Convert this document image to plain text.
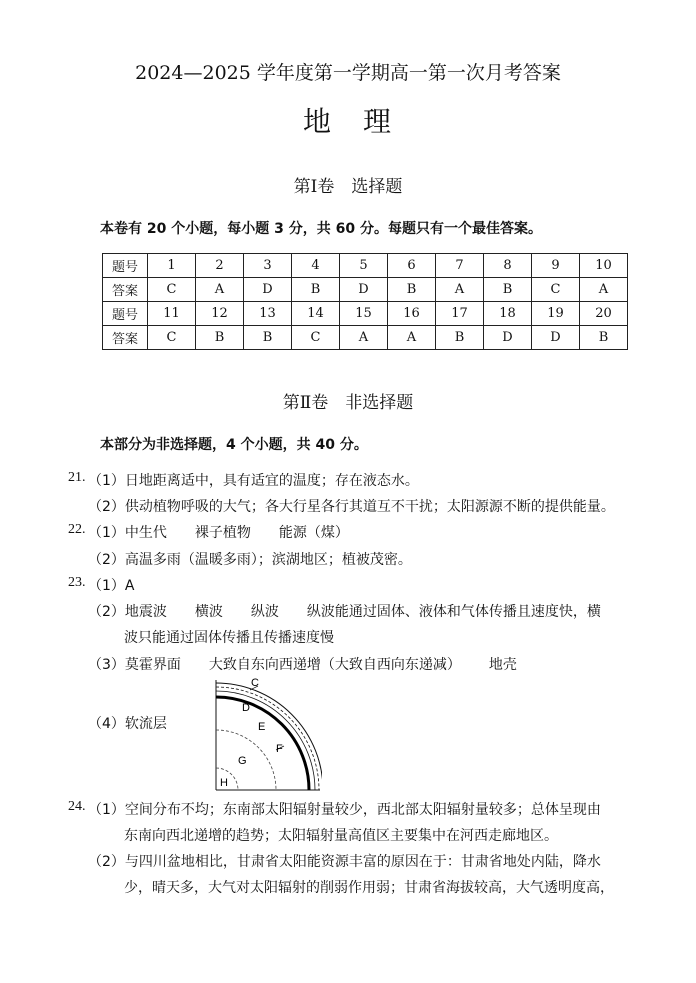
2024—2025 学年度第一学期高一第一次月考答案
地　理
第Ⅰ卷　选择题
本卷有 20 个小题，每小题 3 分，共 60 分。每题只有一个最佳答案。
题号	1	2	3	4	5	6	7	8	9	10
答案	C	A	D	B	D	B	A	B	C	A
题号	11	12	13	14	15	16	17	18	19	20
答案	C	B	B	C	A	A	B	D	D	B
第Ⅱ卷　非选择题
本部分为非选择题，4 个小题，共 40 分。
21. （1）日地距离适中，具有适宜的温度；存在液态水。
（2）供动植物呼吸的大气；各大行星各行其道互不干扰；太阳源源不断的提供能量。
22. （1）中生代 裸子植物 能源（煤）
（2）高温多雨（温暖多雨）；滨湖地区；植被茂密。
23. （1）A
（2）地震波 横波 纵波 纵波能通过固体、液体和气体传播且速度快，横
波只能通过固体传播且传播速度慢
（3）莫霍界面 大致自东向西递增（大致自西向东递减） 地壳
（4）软流层
C
D
E
F
G
H
24. （1）空间分布不均；东南部太阳辐射量较少，西北部太阳辐射量较多；总体呈现由
东南向西北递增的趋势；太阳辐射量高值区主要集中在河西走廊地区。
（2）与四川盆地相比，甘肃省太阳能资源丰富的原因在于：甘肃省地处内陆，降水
少，晴天多，大气对太阳辐射的削弱作用弱；甘肃省海拔较高，大气透明度高，
